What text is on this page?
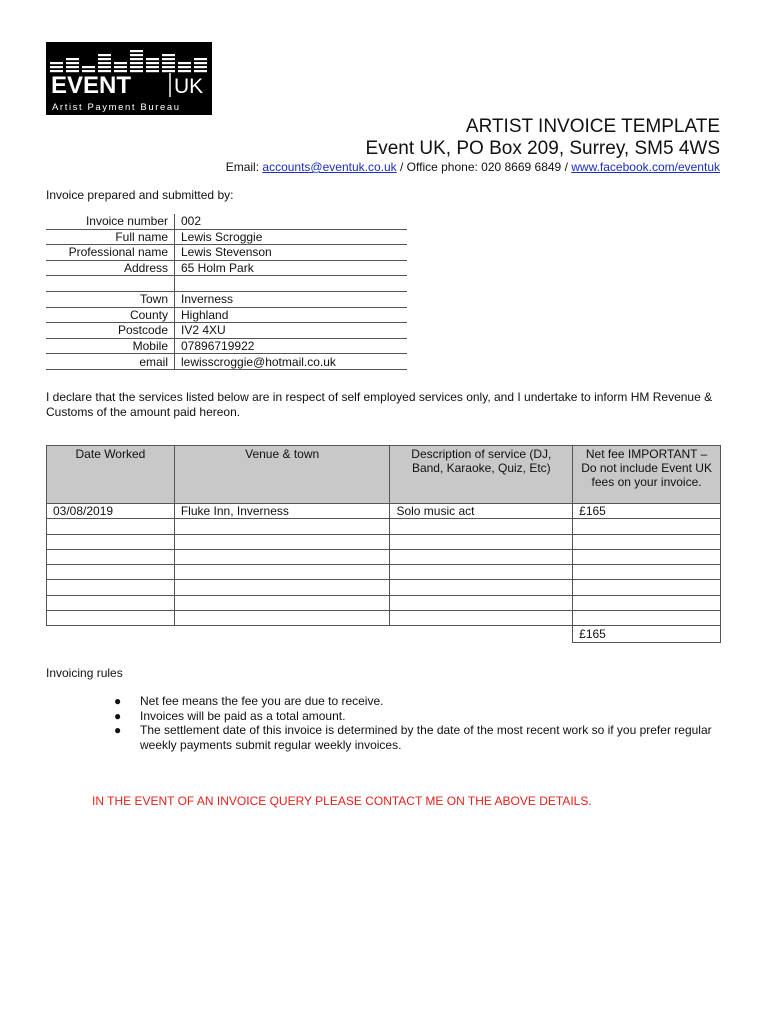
EVENT UK
Artist Payment Bureau
ARTIST INVOICE TEMPLATE
Event UK, PO Box 209, Surrey, SM5 4WS
Email: accounts@eventuk.co.uk / Office phone: 020 8669 6849 / www.facebook.com/eventuk
Invoice prepared and submitted by:
Invoice number	002
Full name	Lewis Scroggie
Professional name	Lewis Stevenson
Address	65 Holm Park

Town	Inverness
County	Highland
Postcode	IV2 4XU
Mobile	07896719922
email	lewisscroggie@hotmail.co.uk
I declare that the services listed below are in respect of self employed services only, and I undertake to inform HM Revenue & Customs of the amount paid hereon.
Date Worked	Venue & town	Description of service (DJ, Band, Karaoke, Quiz, Etc)	Net fee IMPORTANT – Do not include Event UK fees on your invoice.
03/08/2019	Fluke Inn, Inverness	Solo music act	£165

			£165
Invoicing rules
● Net fee means the fee you are due to receive.
● Invoices will be paid as a total amount.
● The settlement date of this invoice is determined by the date of the most recent work so if you prefer regular weekly payments submit regular weekly invoices.
IN THE EVENT OF AN INVOICE QUERY PLEASE CONTACT ME ON THE ABOVE DETAILS.
